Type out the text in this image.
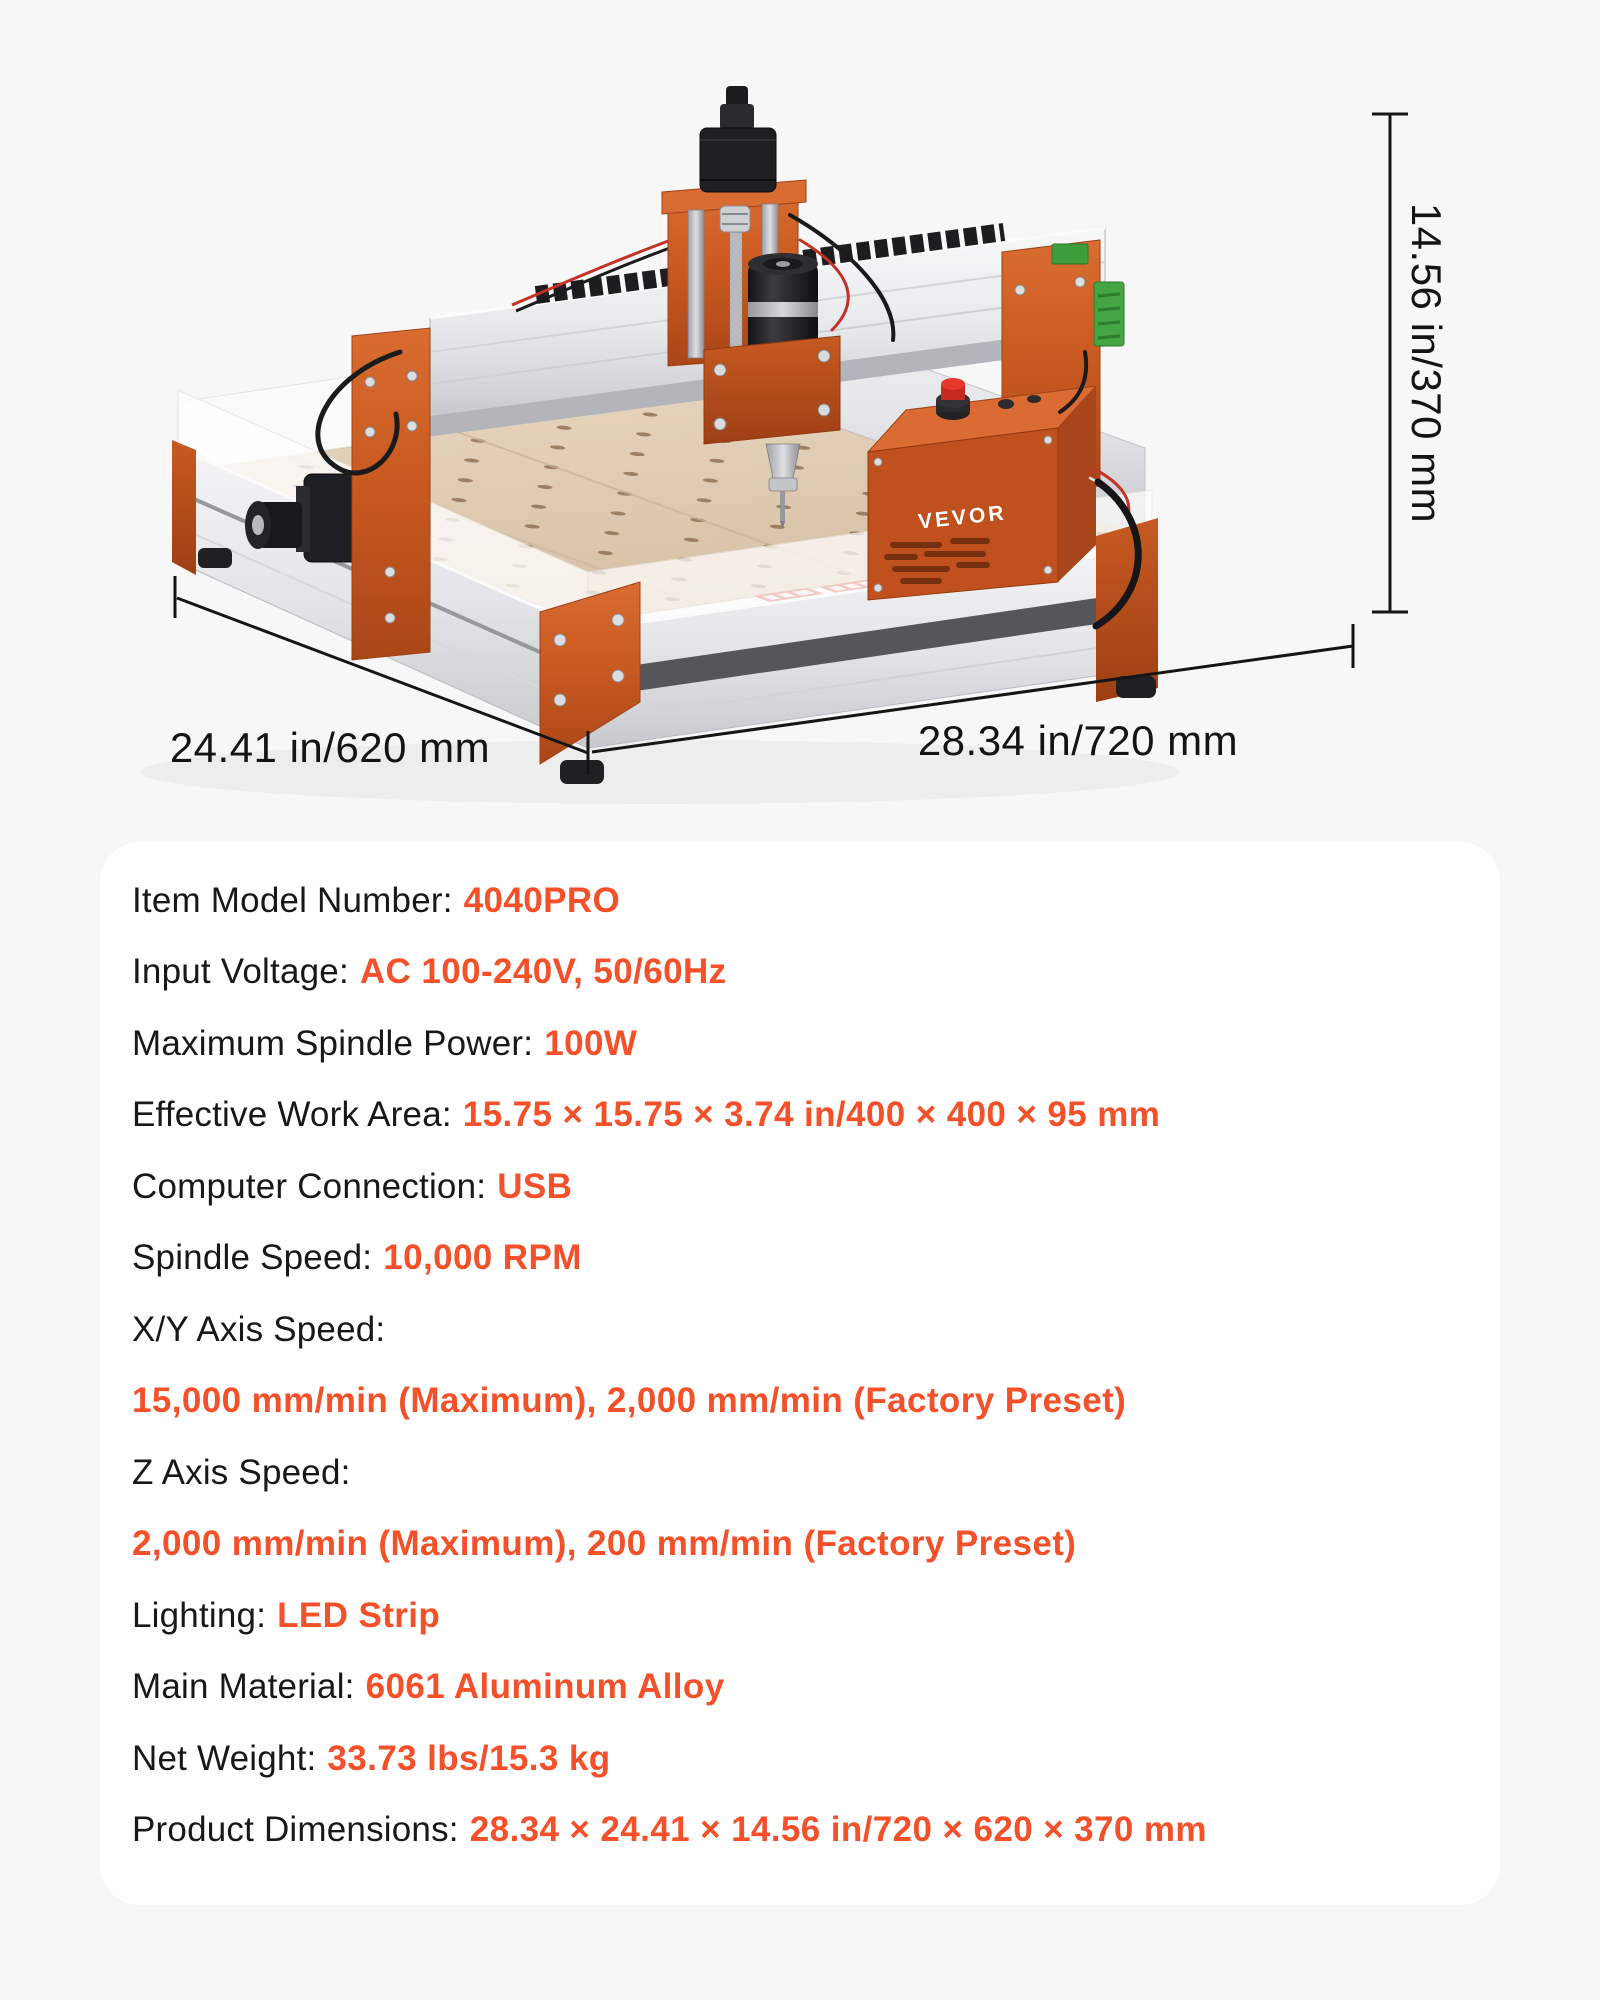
VEVOR
24.41 in/620 mm	28.34 in/720 mm
14.56 in/370 mm
Item Model Number: 4040PRO
Input Voltage: AC 100-240V, 50/60Hz
Maximum Spindle Power: 100W
Effective Work Area: 15.75 × 15.75 × 3.74 in/400 × 400 × 95 mm
Computer Connection: USB
Spindle Speed: 10,000 RPM
X/Y Axis Speed:
15,000 mm/min (Maximum), 2,000 mm/min (Factory Preset)
Z Axis Speed:
2,000 mm/min (Maximum), 200 mm/min (Factory Preset)
Lighting: LED Strip
Main Material: 6061 Aluminum Alloy
Net Weight: 33.73 lbs/15.3 kg
Product Dimensions: 28.34 × 24.41 × 14.56 in/720 × 620 × 370 mm
